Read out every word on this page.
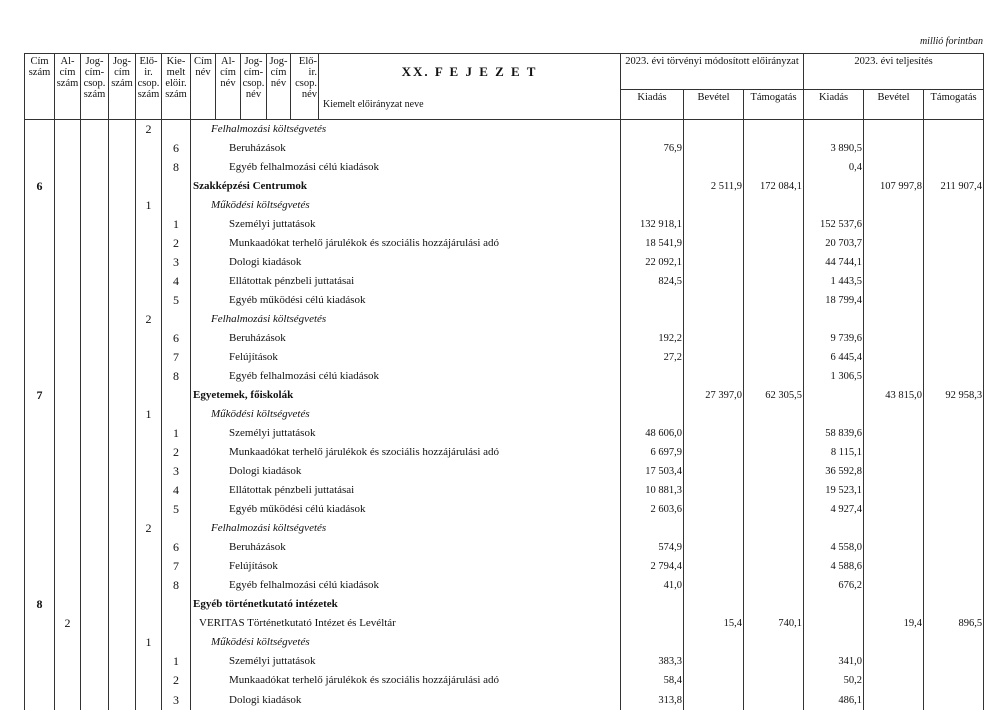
millió forintban
Cím szám	Al-cím szám	Jog-cím-csop. szám	Jog-cím szám	Elő-ir. csop. szám	Kie-melt elöir. szám	Cím név	Al-cím név	Jog-cím-csop. név	Jog-cím név	Elő-ir. csop. név	XX. F E J E Z E T	2023. évi törvényi módosított előirányzat			2023. évi teljesítés		
											Kiemelt előirányzat neve	Kiadás	Bevétel	Támogatás	Kiadás	Bevétel	Támogatás
				2		Felhalmozási költségvetés											
					6	Beruházások						76,9			3 890,5		
					8	Egyéb felhalmozási célú kiadások									0,4		
6						Szakképzési Centrumok							2 511,9	172 084,1		107 997,8	211 907,4
				1		Működési költségvetés											
					1	Személyi juttatások						132 918,1			152 537,6		
					2	Munkaadókat terhelő járulékok és szociális hozzájárulási adó						18 541,9			20 703,7		
					3	Dologi kiadások						22 092,1			44 744,1		
					4	Ellátottak pénzbeli juttatásai						824,5			1 443,5		
					5	Egyéb működési célú kiadások									18 799,4		
				2		Felhalmozási költségvetés											
					6	Beruházások						192,2			9 739,6		
					7	Felújítások						27,2			6 445,4		
					8	Egyéb felhalmozási célú kiadások									1 306,5		
7						Egyetemek, főiskolák							27 397,0	62 305,5		43 815,0	92 958,3
				1		Működési költségvetés											
					1	Személyi juttatások						48 606,0			58 839,6		
					2	Munkaadókat terhelő járulékok és szociális hozzájárulási adó						6 697,9			8 115,1		
					3	Dologi kiadások						17 503,4			36 592,8		
					4	Ellátottak pénzbeli juttatásai						10 881,3			19 523,1		
					5	Egyéb működési célú kiadások						2 603,6			4 927,4		
				2		Felhalmozási költségvetés											
					6	Beruházások						574,9			4 558,0		
					7	Felújítások						2 794,4			4 588,6		
					8	Egyéb felhalmozási célú kiadások						41,0			676,2		
8						Egyéb történetkutató intézetek											
	2					VERITAS Történetkutató Intézet és Levéltár							15,4	740,1		19,4	896,5
				1		Működési költségvetés											
					1	Személyi juttatások						383,3			341,0		
					2	Munkaadókat terhelő járulékok és szociális hozzájárulási adó						58,4			50,2		
					3	Dologi kiadások						313,8			486,1		
